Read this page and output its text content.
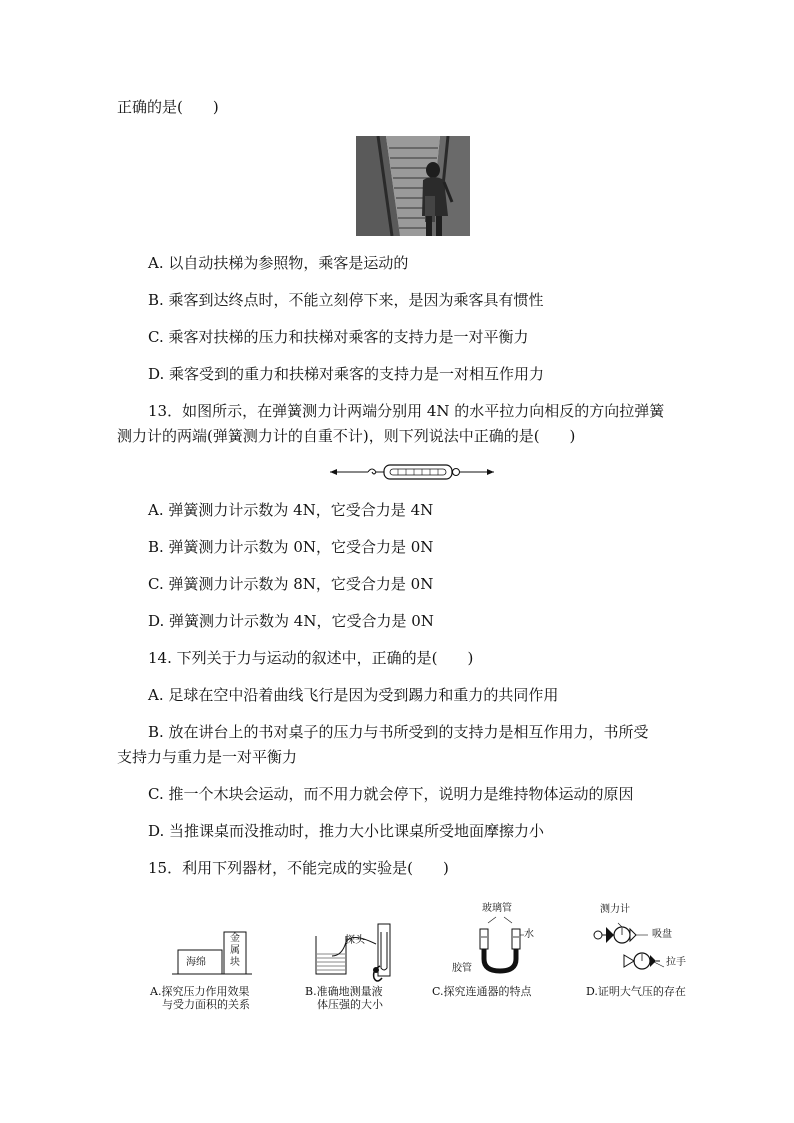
正确的是(　　)
A. 以自动扶梯为参照物，乘客是运动的
B. 乘客到达终点时，不能立刻停下来，是因为乘客具有惯性
C. 乘客对扶梯的压力和扶梯对乘客的支持力是一对平衡力
D. 乘客受到的重力和扶梯对乘客的支持力是一对相互作用力
13．如图所示，在弹簧测力计两端分别用 4N 的水平拉力向相反的方向拉弹簧
测力计的两端(弹簧测力计的自重不计)，则下列说法中正确的是(　　)
A. 弹簧测力计示数为 4N，它受合力是 4N
B. 弹簧测力计示数为 0N，它受合力是 0N
C. 弹簧测力计示数为 8N，它受合力是 0N
D. 弹簧测力计示数为 4N，它受合力是 0N
14. 下列关于力与运动的叙述中，正确的是(　　)
A. 足球在空中沿着曲线飞行是因为受到踢力和重力的共同作用
B. 放在讲台上的书对桌子的压力与书所受到的支持力是相互作用力，书所受
支持力与重力是一对平衡力
C. 推一个木块会运动，而不用力就会停下，说明力是维持物体运动的原因
D. 当推课桌而没推动时，推力大小比课桌所受地面摩擦力小
15．利用下列器材，不能完成的实验是(　　)
海绵
金
属
块
A.探究压力作用效果
与受力面积的关系
探头
B.准确地测量液
体压强的大小
玻璃管
水
胶管
C.探究连通器的特点
测力计
吸盘
拉手
D.证明大气压的存在
